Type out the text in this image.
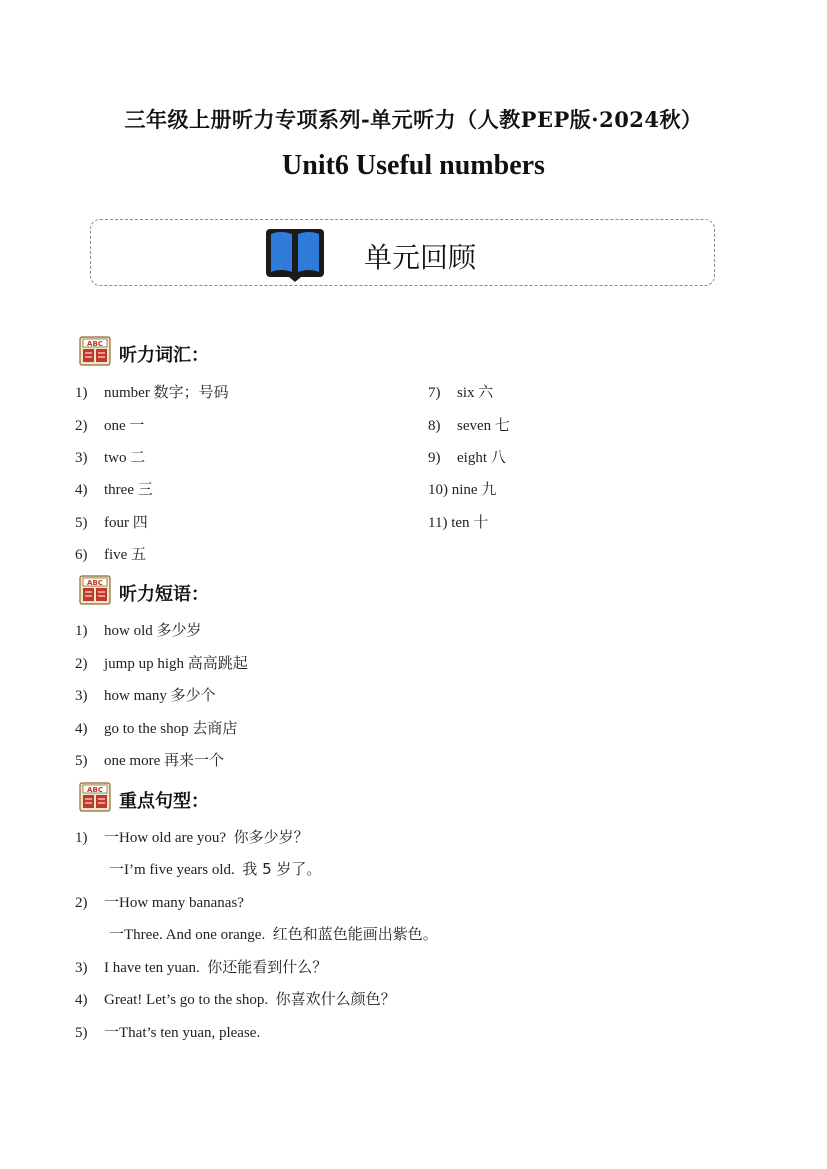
三年级上册听力专项系列-单元听力（人教PEP版·2024秋）
Unit6 Useful numbers
单元回顾
ABC
听力词汇：
1) number 数字；号码
2) one 一
3) two 二
4) three 三
5) four 四
6) five 五
7) six 六
8) seven 七
9) eight 八
10) nine 九
11) ten 十
ABC
听力短语：
1) how old 多少岁
2) jump up high 高高跳起
3) how many 多少个
4) go to the shop 去商店
5) one more 再来一个
ABC
重点句型：
1) 一How old are you? 你多少岁？
一I’m five years old. 我 5 岁了。
2) 一How many bananas?
一Three. And one orange. 红色和蓝色能画出紫色。
3) I have ten yuan. 你还能看到什么？
4) Great! Let’s go to the shop. 你喜欢什么颜色？
5) 一That’s ten yuan, please.
